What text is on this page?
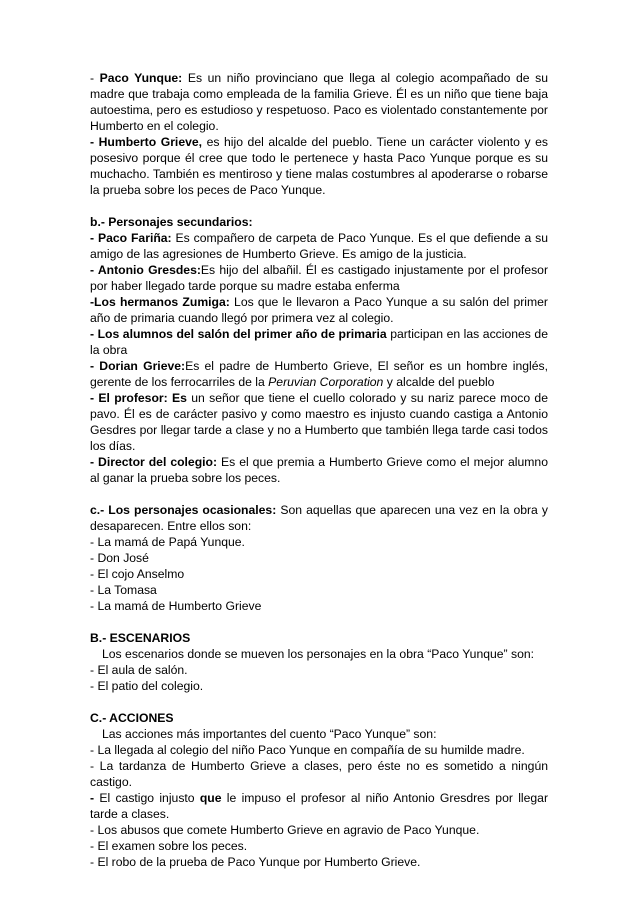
- Paco Yunque: Es un niño provinciano que llega al colegio acompañado de su madre que trabaja como empleada de la familia Grieve. Él es un niño que tiene baja autoestima, pero es estudioso y respetuoso. Paco es violentado constantemente por Humberto en el colegio.

- Humberto Grieve, es hijo del alcalde del pueblo. Tiene un carácter violento y es posesivo porque él cree que todo le pertenece y hasta Paco Yunque porque es su muchacho. También es mentiroso y tiene malas costumbres al apoderarse o robarse la prueba sobre los peces de Paco Yunque.

b.- Personajes secundarios:

- Paco Fariña: Es compañero de carpeta de Paco Yunque. Es el que defiende a su amigo de las agresiones de Humberto Grieve. Es amigo de la justicia.

- Antonio Gresdes:Es hijo del albañil. Él es castigado injustamente por el profesor por haber llegado tarde porque su madre estaba enferma

-Los hermanos Zumiga: Los que le llevaron a Paco Yunque a su salón del primer año de primaria cuando llegó por primera vez al colegio.

- Los alumnos del salón del primer año de primaria participan en las acciones de la obra

- Dorian Grieve:Es el padre de Humberto Grieve, El señor es un hombre inglés, gerente de los ferrocarriles de la Peruvian Corporation y alcalde del pueblo

- El profesor: Es un señor que tiene el cuello colorado y su nariz parece moco de pavo. Él es de carácter pasivo y como maestro es injusto cuando castiga a Antonio Gesdres por llegar tarde a clase y no a Humberto que también llega tarde casi todos los días.

- Director del colegio: Es el que premia a Humberto Grieve como el mejor alumno al ganar la prueba sobre los peces.

c.- Los personajes ocasionales: Son aquellas que aparecen una vez en la obra y desaparecen. Entre ellos son:

- La mamá de Papá Yunque.

- Don José

- El cojo Anselmo

- La Tomasa

- La mamá de Humberto Grieve

B.- ESCENARIOS

Los escenarios donde se mueven los personajes en la obra “Paco Yunque” son:

- El aula de salón.

- El patio del colegio.

C.- ACCIONES

Las acciones más importantes del cuento “Paco Yunque” son:

- La llegada al colegio del niño Paco Yunque en compañía de su humilde madre.

- La tardanza de Humberto Grieve a clases, pero éste no es sometido a ningún castigo.

- El castigo injusto que le impuso el profesor al niño Antonio Gresdres por llegar tarde a clases.

- Los abusos que comete Humberto Grieve en agravio de Paco Yunque.

- El examen sobre los peces.

- El robo de la prueba de Paco Yunque por Humberto Grieve.
